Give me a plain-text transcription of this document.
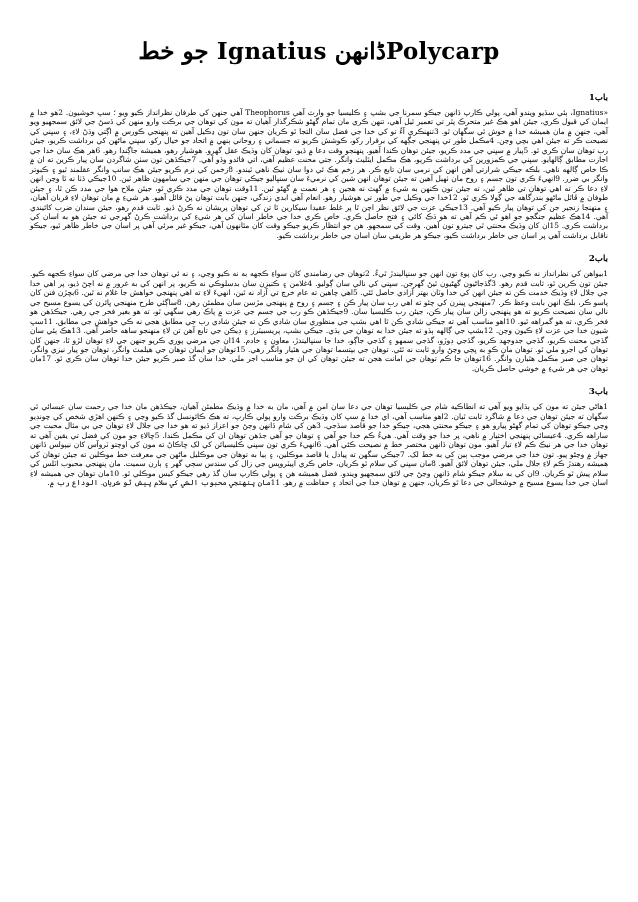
Polycarpڈانھن Ignatius جو خط
باب1

«Ignatius، ٻئي سڏيو ويندو آهي، پولي ڪارپ ڏانهن جيڪو سمرنا جي بشپ ۽ ڪليسيا جو وارث آهي Theophorus آهي جنهن کي طرفان نظرانداز ڪيو ويو ؛ سڀ خوشيون. 2هو خدا ۾ ايمان کي قبول ڪري، جيئن اهو هڪ غير متحرڪ پٿر تي تعمير ٿيل آهي، تنهن ڪري مان تمام گهڻو شڪرگذار آهيان ته مون کي توهان جي برڪت وارو منهن کي ڏسڻ جي لائق سمجهيو ويو آهي، جنهن ۾ مان هميشه خدا ۾ خوش ٿي سگهان ٿو. 3تنهنڪري آءٌ تو کي خدا جي فضل سان التجا ٿو ڪريان جنهن سان تون ڍڪيل آهين ته پنهنجي ڪورس ۾ اڳتي وڌڻ لاءِ، ۽ سڀني کي نصيحت ڪر ته جيئن اهي بچي وڃن. 4مڪمل طور تي پنهنجي جڳهه کي برقرار رکو، ڪوشش ڪريو ته جسماني ۽ روحاني ٻنهي ۾ اتحاد جو خيال رکو. سڀني ماڻهن کي برداشت ڪريو، جيئن رب توهان سان ڪري ٿو. 5پيار ۾ سڀني جي مدد ڪريو، جيئن توهان ڪندا آهيو. پنهنجو وقت دعا ۾ ڏيو. توهان کان وڌيڪ عقل گهرو. هوشيار رهو، هميشه جاڳندا رهو. 6هر هڪ سان خدا جي اجازت مطابق ڳالهايو. سڀني جي ڪمزورين کي برداشت ڪريو، هڪ مڪمل ايٿليٽ وانگر. جتي محنت عظيم آهي، اتي فائدو وڏو آهي. 7جيڪڏهن تون سٺن شاگردن سان پيار ڪرين ته ان ۾ ڪا خاص ڳالهه ناهي. بلڪه جيڪي شرارتي آهن انهن کي نرمي سان تابع ڪر. هر زخم هڪ ئي دوا سان ٺيڪ ناهي ٿيندو. 8زخمن کي نرم ڪريو جيئن هڪ سانپ وانگر عقلمند ٿيو ۽ ڪبوتر وانگر بي ضرر. 9انهيءَ ڪري تون جسم ۽ روح مان ٺهيل آهين ته جيئن توهان انهن شين کي نرميءَ سان سنڀاليو جيڪي توهان جي منهن جي سامهون ظاهر ٿين. 10جيڪي ڏٺا نه ٿا وڃن انهن لاءِ دعا ڪر ته اهي توهان تي ظاهر ٿين، ته جيئن تون ڪنهن به شيءِ ۾ گهٽ نه هجين ۽ هر نعمت ۾ گهڻو ٿين. 11وقت توهان جي مدد ڪري ٿو، جيئن ملاح هوا جي مدد ڪن ٿا، ۽ جيئن طوفان ۾ ڦاٿل ماڻهو بندرگاهه جي ڳولا ڪري ٿو. 12خدا جي وڪيل جي طور تي هوشيار رهو. انعام آهي ابدي زندگي، جنهن بابت توهان پڻ قائل آهيو. هر شيءِ ۾ مان توهان لاءِ قربان آهيان، ۽ منهنجا زنجير جن کي توهان پيار ڪيو آهي. 13جيڪي عزت جي لائق نظر اچن ٿا پر غلط عقيدا سيکارين ٿا تن کي توهان پريشان نه ڪرڻ ڏيو. ثابت قدم رهو، جيئن سندان ضرب کائيندي آهي. 14هڪ عظيم جنگجو جو اهو ئي ڪم آهي ته هو ڌڪ کائي ۽ فتح حاصل ڪري. خاص ڪري خدا جي خاطر اسان کي هر شيءِ کي برداشت ڪرڻ گهرجي ته جيئن هو به اسان کي برداشت ڪري. 15ان کان وڌيڪ محنتي ٿي جيترو تون آهين. وقت کي سمجهو. هن جو انتظار ڪريو جيڪو وقت کان مٿانهون آهي، جيڪو غير مرئي آهي پر اسان جي خاطر ظاهر ٿيو، جيڪو ناقابل برداشت آهي پر اسان جي خاطر برداشت ڪيو، جيڪو هر طريقي سان اسان جي خاطر برداشت ڪيو.

باب2

1بيواهن کي نظرانداز نه ڪيو وڃي. رب کان پوءِ تون انهن جو سنڀاليندڙ ٿيءُ. 2توهان جي رضامندي کان سواءِ ڪجهه به نه ڪيو وڃي، ۽ نه ئي توهان خدا جي مرضي کان سواءِ ڪجهه ڪيو. جيئن تون ڪرين ٿو، ثابت قدم رهو. 3گڏجاڻيون گهڻيون ٿيڻ گهرجن. سڀني کي نالي سان ڳوليو. 4غلامن ۽ ڪنيزن سان بدسلوڪي نه ڪريو، پر انهن کي به غرور ۾ نه اچڻ ڏيو، پر اهي خدا جي جلال لاءِ وڌيڪ خدمت ڪن ته جيئن انهن کي خدا وٽان بهتر آزادي حاصل ٿئي. 5اهي چاهين ته عام خرچ تي آزاد نه ٿين، انهيءَ لاءِ ته اهي پنهنجي خواهش جا غلام نه ٿين. 6بڇڙن فنن کان پاسو ڪر، بلڪ انهن بابت وعظ ڪر. 7منهنجي ڀينرن کي چئو ته اهي رب سان پيار ڪن ۽ جسم ۽ روح ۾ پنهنجي مڙسن سان مطمئن رهن. 8ساڳئي طرح منهنجي ڀائرن کي يسوع مسيح جي نالي سان نصيحت ڪريو ته هو پنهنجي زالن سان پيار ڪن، جيئن رب ڪليسيا سان. 9جيڪڏهن ڪو رب جي جسم جي عزت ۾ پاڪ رهي سگهي ٿو، ته هو بغير فخر جي رهي. جيڪڏهن هو فخر ڪري، ته هو گمراهه ٿيو. 10اهو مناسب آهي ته جيڪي شادي ڪن ٿا اهي بشپ جي منظوري سان شادي ڪن ته جيئن شادي رب جي مطابق هجي نه ڪي خواهش جي مطابق. 11سڀ شيون خدا جي عزت لاءِ ڪيون وڃن. 12بشپ جي ڳالهه ٻڌو ته جيئن خدا به توهان جي ٻڌي. جيڪي بشپ، پريسبيٽرز ۽ ڊيڪن جي تابع آهن تن لاءِ منهنجو ساهه حاضر آهي. 13هڪ ٻئي سان گڏجي محنت ڪريو، گڏجي جدوجهد ڪريو، گڏجي ڊوڙو، گڏجي سمهو ۽ گڏجي جاڳو، خدا جا سنڀاليندڙ، معاون ۽ خادم. 14ان جي مرضي پوري ڪريو جنهن جي لاءِ توهان لڙو ٿا، جنهن کان توهان کي اجرو ملي ٿو. توهان مان ڪو به ڀڄي وڃڻ وارو ثابت نه ٿئي. توهان جي بپتسما توهان جي هٿيار وانگر رهي. 15توهان جو ايمان توهان جي هيلمٽ وانگر، توهان جو پيار نيزي وانگر، توهان جي صبر مڪمل هٿيارن وانگر. 16توهان جا ڪم توهان جي امانت هجن ته جيئن توهان کي ان جو مناسب اجر ملي. خدا سان گڏ صبر ڪريو جيئن خدا توهان سان ڪري ٿو. 17مان توهان جي هر شيءِ ۾ خوشي حاصل ڪريان.

باب3

1هاڻي جيئن ته مون کي ٻڌايو ويو آهي ته انطاڪيه شام جي ڪليسيا توهان جي دعا سان امن ۾ آهي، مان به خدا ۾ وڌيڪ مطمئن آهيان، جيڪڏهن مان خدا جي رحمت سان عيسائي ٿي سگهان ته جيئن توهان جي دعا ۾ شاگرد ثابت ٿيان. 2اهو مناسب آهي، اي خدا ۾ سڀ کان وڌيڪ برڪت وارو پولي ڪارپ، ته هڪ ڪائونسل گڏ ڪيو وڃي ۽ ڪنهن اهڙي شخص کي چونڊيو وڃي جيڪو توهان کي تمام گهڻو پيارو هو ۽ جيڪو محنتي هجي، جيڪو خدا جو قاصد سڏجي. 3هن کي شام ڏانهن وڃڻ جو اعزاز ڏيو ته هو خدا جي جلال لاءِ توهان جي بي مثال محبت جي ساراهه ڪري. 4عيسائي پنهنجي اختيار ۾ ناهي، پر خدا جو وقت آهي. هيءُ ڪم خدا جو آهي ۽ توهان جو آهي جڏهن توهان ان کي مڪمل ڪندا. 5ڇالاءِ جو مون کي فضل تي يقين آهي ته توهان خدا جي هر نيڪ ڪم لاءِ تيار آهيو. مون توهان ڏانهن مختصر خط ۾ نصيحت ڪئي آهي. 6انهيءَ ڪري تون سڀني ڪليسيائن کي لک ڇاڪاڻ ته مون کي اوچتو ٽروآس کان نيپولس ڏانهن جهاز ۾ وڃڻو پيو. تون خدا جي مرضي موجب ٻين کي به خط لک. 7جيڪي سگهن ته پيادل يا قاصد موڪلين، ۽ ٻيا به توهان جي موڪليل ماڻهن جي معرفت خط موڪلين ته جيئن توهان کي هميشه رهندڙ ڪم لاءِ جلال ملي، جيئن توهان لائق آهيو. 8مان سڀني کي سلام ٿو ڪريان، خاص ڪري اپيٽروپس جي زال کي سندس سڄي گهر ۽ ٻارن سميت. مان پنهنجي محبوب اٽلس کي سلام پيش ٿو ڪريان. 9ان کي به سلام جيڪو شام ڏانهن وڃڻ جي لائق سمجهيو ويندو. فضل هميشه هن ۽ پولي ڪارپ سان گڏ رهي جيڪو کيس موڪلي ٿو. 10مان توهان جي هميشه لاءِ اسان جي خدا يسوع مسيح ۾ خوشحالي جي دعا ٿو ڪريان، جنهن ۾ توهان خدا جي اتحاد ۽ حفاظت ۾ رهو. 11مان پنهنجي محبوب الڪي کي سلام پيش ٿو ڪريان. الوداع رب ۾.
